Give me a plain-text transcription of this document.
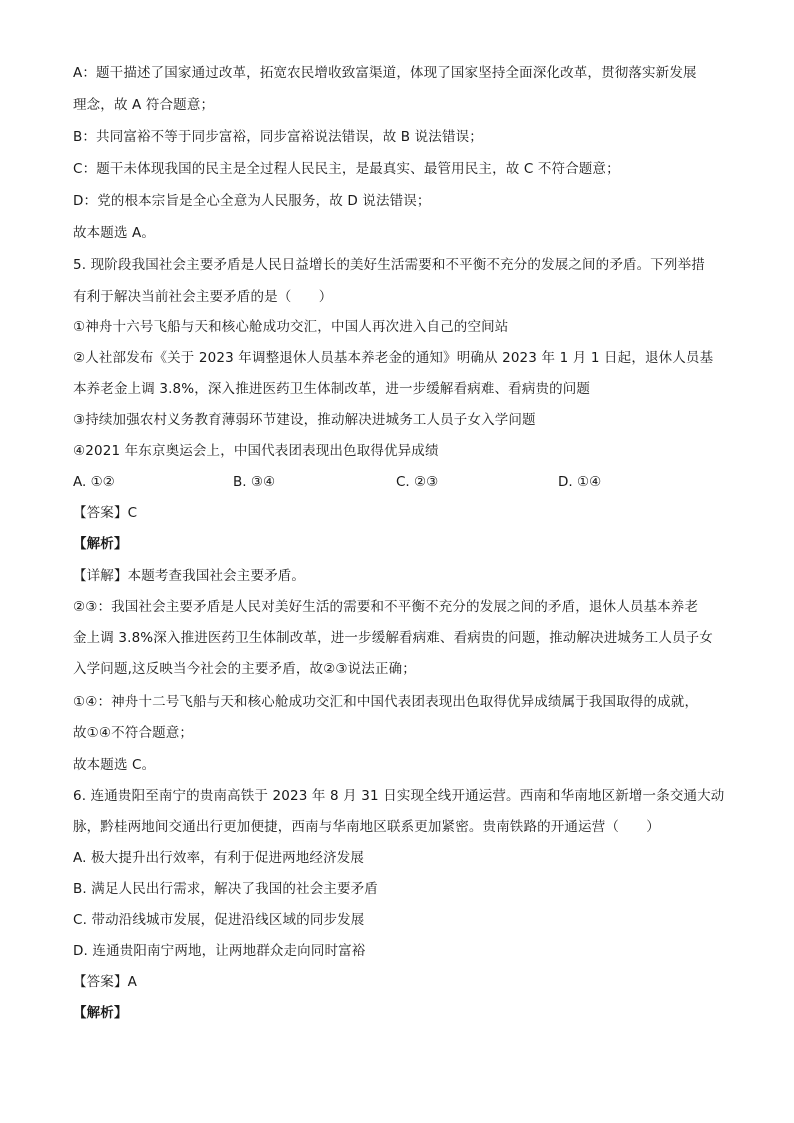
A：题干描述了国家通过改革，拓宽农民增收致富渠道，体现了国家坚持全面深化改革，贯彻落实新发展
理念，故 A 符合题意；
B：共同富裕不等于同步富裕，同步富裕说法错误，故 B 说法错误；
C：题干未体现我国的民主是全过程人民民主，是最真实、最管用民主，故 C 不符合题意；
D：党的根本宗旨是全心全意为人民服务，故 D 说法错误；
故本题选 A。
5. 现阶段我国社会主要矛盾是人民日益增长的美好生活需要和不平衡不充分的发展之间的矛盾。下列举措
有利于解决当前社会主要矛盾的是（　　）
①神舟十六号飞船与天和核心舱成功交汇，中国人再次进入自己的空间站
②人社部发布《关于 2023 年调整退休人员基本养老金的通知》明确从 2023 年 1 月 1 日起，退休人员基
本养老金上调 3.8%，深入推进医药卫生体制改革，进一步缓解看病难、看病贵的问题
③持续加强农村义务教育薄弱环节建设，推动解决进城务工人员子女入学问题
④2021 年东京奥运会上，中国代表团表现出色取得优异成绩
A. ①②	B. ③④	C. ②③	D. ①④
【答案】C
【解析】
【详解】本题考查我国社会主要矛盾。
②③：我国社会主要矛盾是人民对美好生活的需要和不平衡不充分的发展之间的矛盾，退休人员基本养老
金上调 3.8%深入推进医药卫生体制改革，进一步缓解看病难、看病贵的问题，推动解决进城务工人员子女
入学问题,这反映当今社会的主要矛盾，故②③说法正确；
①④：神舟十二号飞船与天和核心舱成功交汇和中国代表团表现出色取得优异成绩属于我国取得的成就，
故①④不符合题意；
故本题选 C。
6. 连通贵阳至南宁的贵南高铁于 2023 年 8 月 31 日实现全线开通运营。西南和华南地区新增一条交通大动
脉，黔桂两地间交通出行更加便捷，西南与华南地区联系更加紧密。贵南铁路的开通运营（　　）
A. 极大提升出行效率，有利于促进两地经济发展
B. 满足人民出行需求，解决了我国的社会主要矛盾
C. 带动沿线城市发展，促进沿线区域的同步发展
D. 连通贵阳南宁两地，让两地群众走向同时富裕
【答案】A
【解析】
